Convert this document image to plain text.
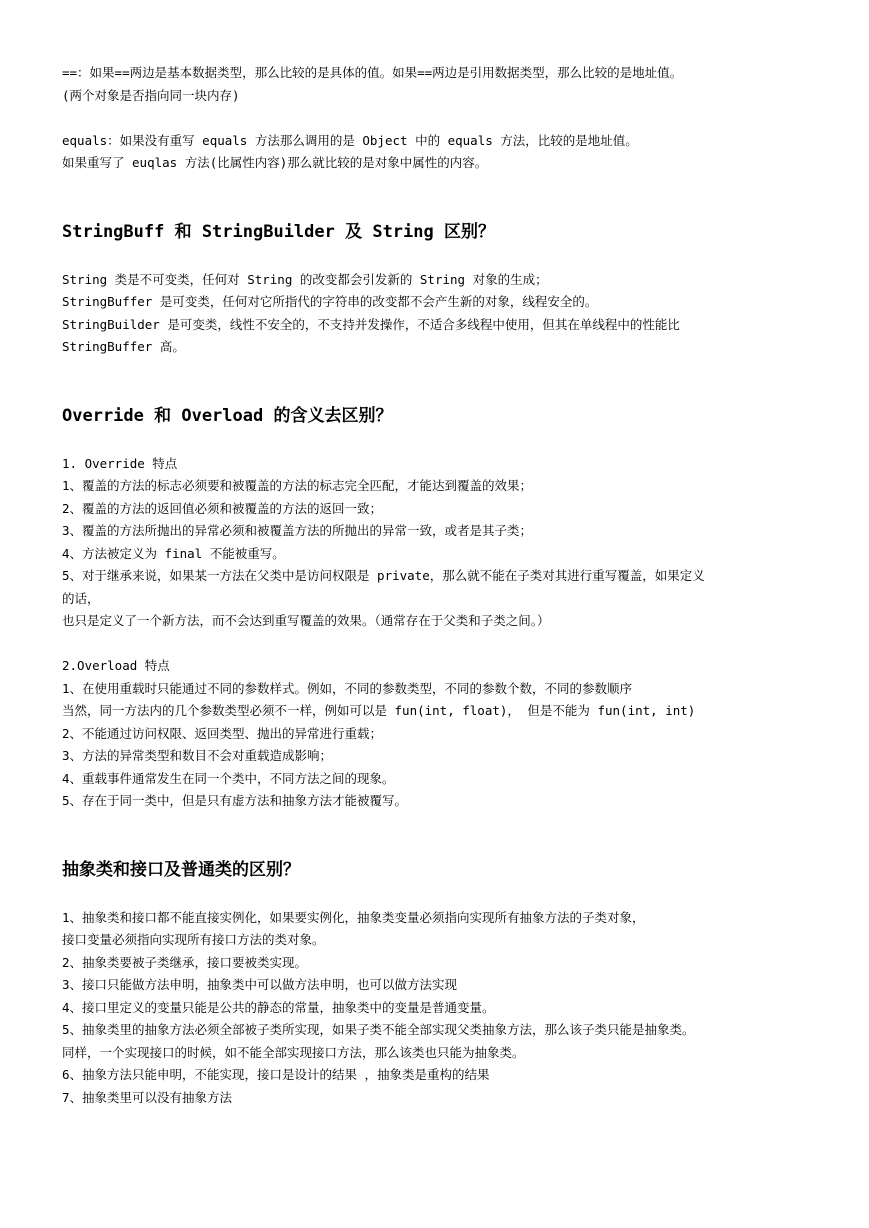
==：如果==两边是基本数据类型，那么比较的是具体的值。如果==两边是引用数据类型，那么比较的是地址值。
(两个对象是否指向同一块内存)
equals：如果没有重写 equals 方法那么调用的是 Object 中的 equals 方法，比较的是地址值。
如果重写了 euqlas 方法(比属性内容)那么就比较的是对象中属性的内容。
StringBuff 和 StringBuilder 及 String 区别？
String 类是不可变类，任何对 String 的改变都会引发新的 String 对象的生成；
StringBuffer 是可变类，任何对它所指代的字符串的改变都不会产生新的对象，线程安全的。
StringBuilder 是可变类，线性不安全的，不支持并发操作，不适合多线程中使用，但其在单线程中的性能比
StringBuffer 高。
Override 和 Overload 的含义去区别？
1. Override 特点
1、覆盖的方法的标志必须要和被覆盖的方法的标志完全匹配，才能达到覆盖的效果；
2、覆盖的方法的返回值必须和被覆盖的方法的返回一致；
3、覆盖的方法所抛出的异常必须和被覆盖方法的所抛出的异常一致，或者是其子类；
4、方法被定义为 final 不能被重写。
5、对于继承来说，如果某一方法在父类中是访问权限是 private，那么就不能在子类对其进行重写覆盖，如果定义
的话，
也只是定义了一个新方法，而不会达到重写覆盖的效果。（通常存在于父类和子类之间。）
2.Overload 特点
1、在使用重载时只能通过不同的参数样式。例如，不同的参数类型，不同的参数个数，不同的参数顺序
当然，同一方法内的几个参数类型必须不一样，例如可以是 fun(int, float)， 但是不能为 fun(int, int)
2、不能通过访问权限、返回类型、抛出的异常进行重载；
3、方法的异常类型和数目不会对重载造成影响；
4、重载事件通常发生在同一个类中，不同方法之间的现象。
5、存在于同一类中，但是只有虚方法和抽象方法才能被覆写。
抽象类和接口及普通类的区别？
1、抽象类和接口都不能直接实例化，如果要实例化，抽象类变量必须指向实现所有抽象方法的子类对象，
接口变量必须指向实现所有接口方法的类对象。
2、抽象类要被子类继承，接口要被类实现。
3、接口只能做方法申明，抽象类中可以做方法申明，也可以做方法实现
4、接口里定义的变量只能是公共的静态的常量，抽象类中的变量是普通变量。
5、抽象类里的抽象方法必须全部被子类所实现，如果子类不能全部实现父类抽象方法，那么该子类只能是抽象类。
同样，一个实现接口的时候，如不能全部实现接口方法，那么该类也只能为抽象类。
6、抽象方法只能申明，不能实现，接口是设计的结果 ，抽象类是重构的结果
7、抽象类里可以没有抽象方法
